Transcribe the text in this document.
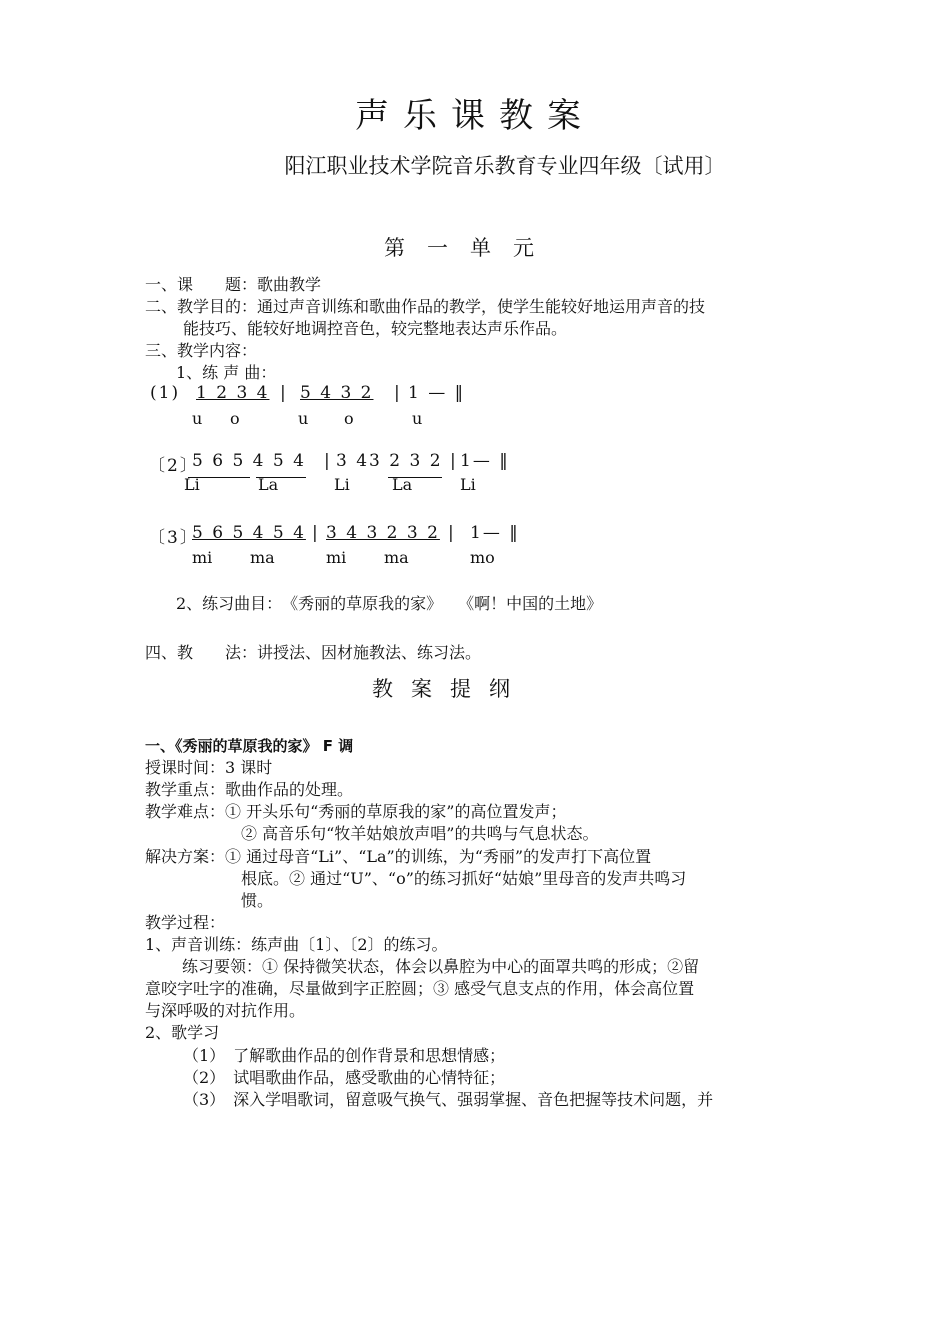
声乐课教案
阳江职业技术学院音乐教育专业四年级〔试用〕
第一单元
一、课　　题：歌曲教学
二、教学目的：通过声音训练和歌曲作品的教学，使学生能较好地运用声音的技
能技巧、能较好地调控音色，较完整地表达声乐作品。
三、教学内容：
1、练 声 曲：
(1) 1 2 3 4 | 5 4 3 2 | 1 — ‖
u o	u o	u
〔2〕
5 6 5 4 5 4 | 3 43 2 3 2 | 1— ‖
Li	La	Li	La	Li
〔3〕
5 6 5 4 5 4 | 3 4 3 2 3 2 | 1— ‖
mi ma	mi ma	mo
2、练习曲目：　《秀丽的草原我的家》　　《啊！中国的土地》
四、教　　法：讲授法、因材施教法、练习法。
教案提纲
一、《秀丽的草原我的家》 F 调
授课时间：3 课时
教学重点：歌曲作品的处理。
教学难点：① 开头乐句“秀丽的草原我的家”的高位置发声；
② 高音乐句“牧羊姑娘放声唱”的共鸣与气息状态。
解决方案：① 通过母音“Li”、“La”的训练，为“秀丽”的发声打下高位置
根底。② 通过“U”、“o”的练习抓好“姑娘”里母音的发声共鸣习
惯。
教学过程：
1、声音训练：练声曲〔1〕、〔2〕的练习。
练习要领：① 保持微笑状态，体会以鼻腔为中心的面罩共鸣的形成；②留
意咬字吐字的准确，尽量做到字正腔圆；③ 感受气息支点的作用，体会高位置
与深呼吸的对抗作用。
2、歌学习
（1）　了解歌曲作品的创作背景和思想情感；
（2）　试唱歌曲作品，感受歌曲的心情特征；
（3）　深入学唱歌词，留意吸气换气、强弱掌握、音色把握等技术问题，并
